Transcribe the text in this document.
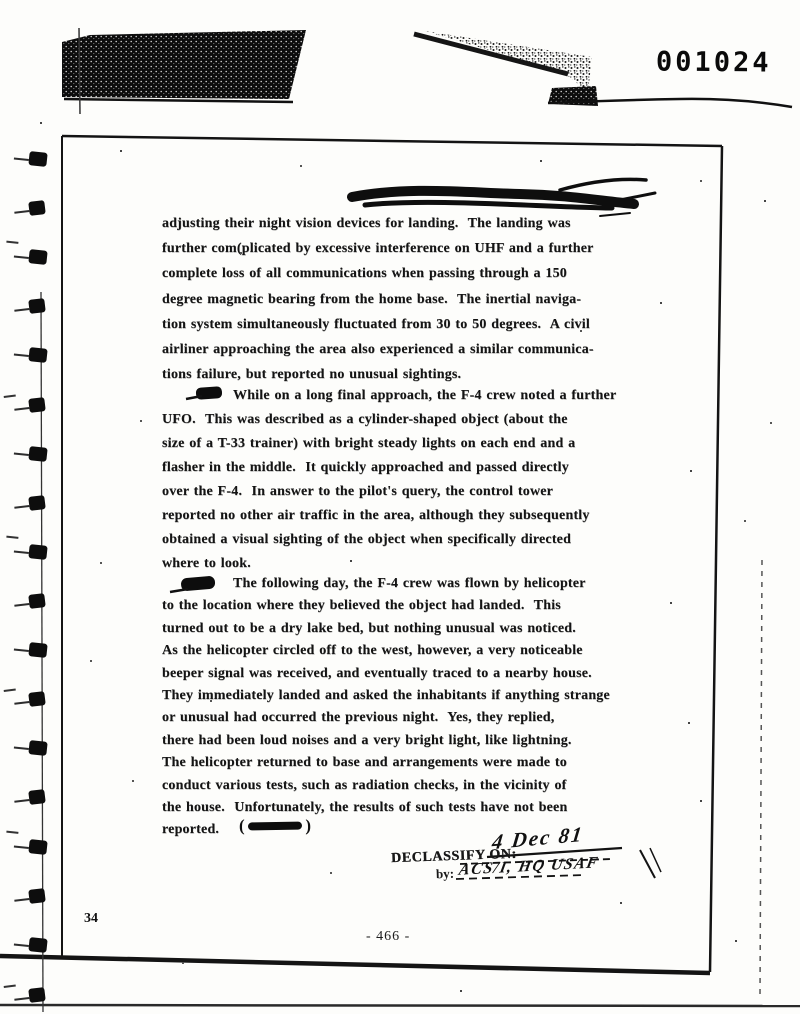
001024
adjusting their night vision devices for landing.  The landing was
further com(plicated by excessive interference on UHF and a further
complete loss of all communications when passing through a 150
degree magnetic bearing from the home base.  The inertial naviga-
tion system simultaneously fluctuated from 30 to 50 degrees.  A civil
airliner approaching the area also experienced a similar communica-
tions failure, but reported no unusual sightings.
While on a long final approach, the F-4 crew noted a further
UFO.  This was described as a cylinder-shaped object (about the
size of a T-33 trainer) with bright steady lights on each end and a
flasher in the middle.  It quickly approached and passed directly
over the F-4.  In answer to the pilot's query, the control tower
reported no other air traffic in the area, although they subsequently
obtained a visual sighting of the object when specifically directed
where to look.
The following day, the F-4 crew was flown by helicopter
to the location where they believed the object had landed.  This
turned out to be a dry lake bed, but nothing unusual was noticed.
As the helicopter circled off to the west, however, a very noticeable
beeper signal was received, and eventually traced to a nearby house.
They immediately landed and asked the inhabitants if anything strange
or unusual had occurred the previous night.  Yes, they replied,
there had been loud noises and a very bright light, like lightning.
The helicopter returned to base and arrangements were made to
conduct various tests, such as radiation checks, in the vicinity of
the house.  Unfortunately, the results of such tests have not been
reported.	(	)
DECLASSIFY ON:
4 Dec 81
by: ACS/I, HQ USAF
34
- 466 -
